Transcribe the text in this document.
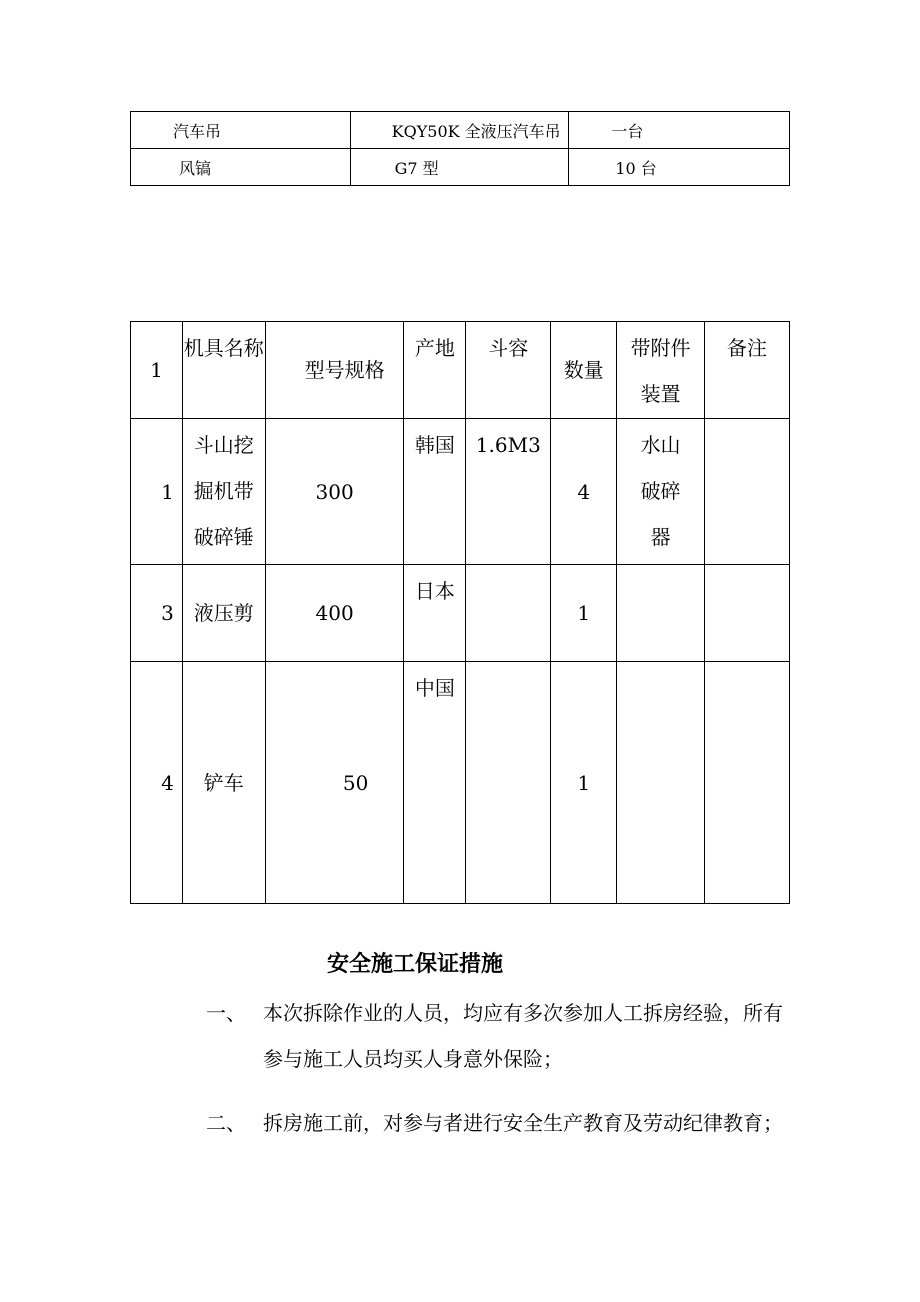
汽车吊	KQY50K 全液压汽车吊	一台

风镐	G7 型	10 台
1	机具名称	型号规格	产地	斗容	数量	带附件装置	备注
1	斗山挖掘机带破碎锤	300	韩国	1.6M3	4	水山破碎器	
3	液压剪	400	日本		1		
4	铲车	50	中国		1		
安全施工保证措施
一、 本次拆除作业的人员，均应有多次参加人工拆房经验，所有参与施工人员均买人身意外保险；
二、 拆房施工前，对参与者进行安全生产教育及劳动纪律教育；
